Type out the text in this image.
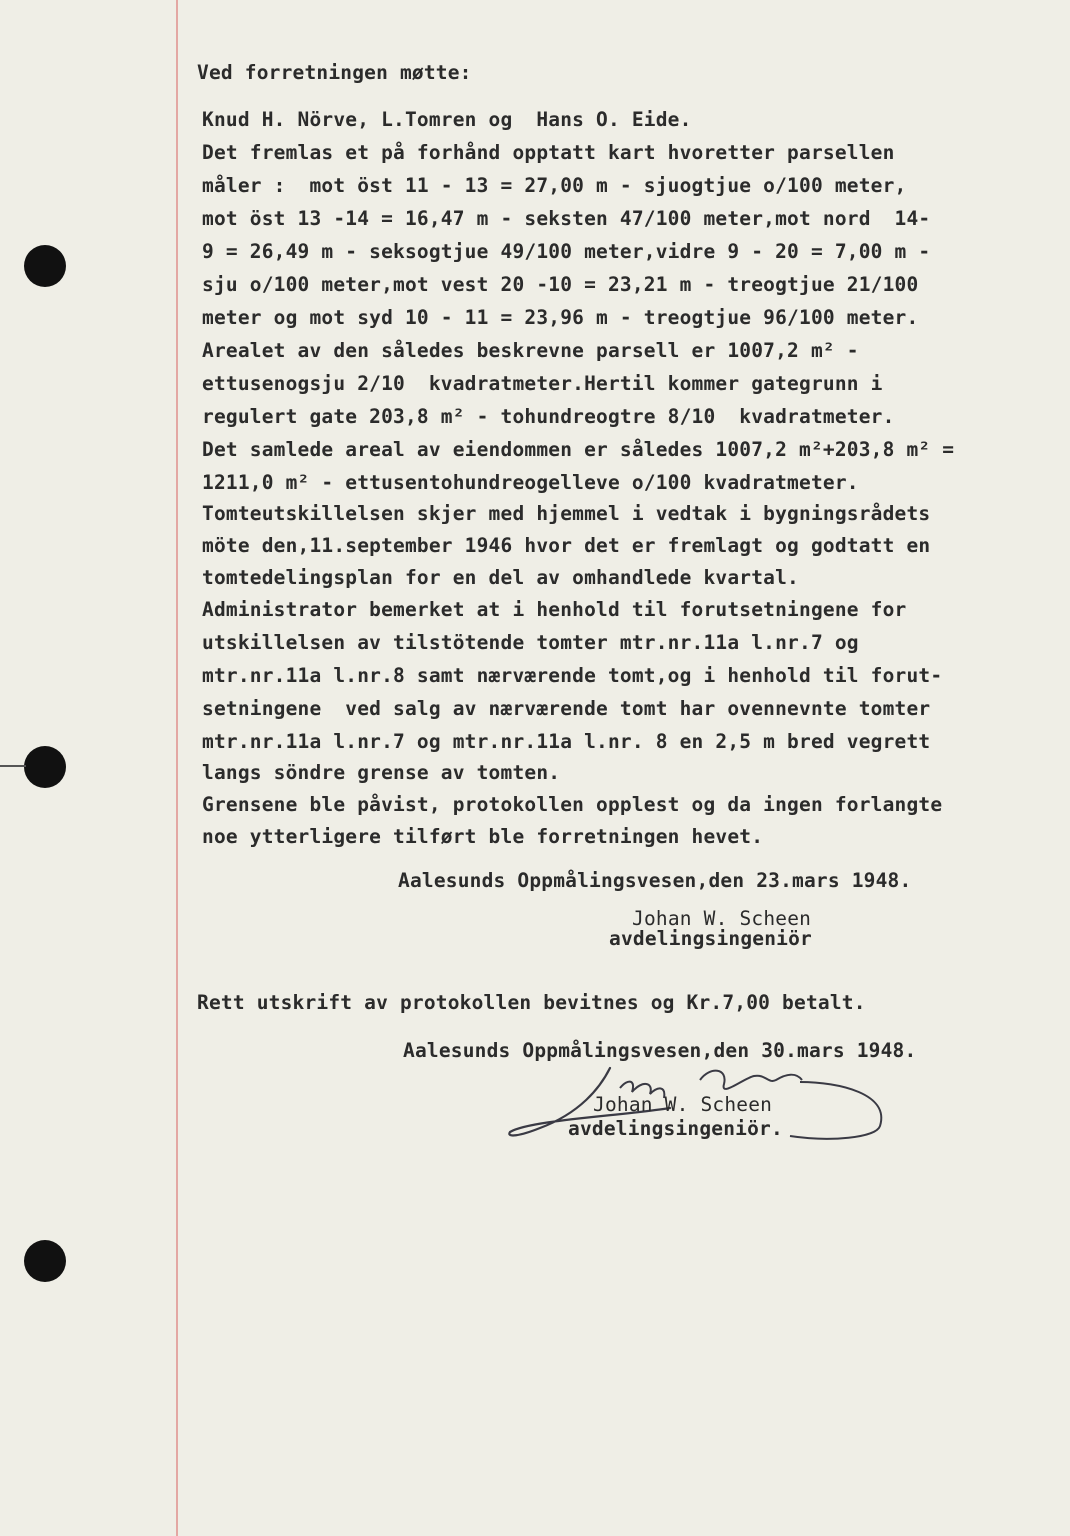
Ved forretningen møtte:
Knud H. Nörve, L.Tomren og  Hans O. Eide.
Det fremlas et på forhånd opptatt kart hvoretter parsellen
måler :  mot öst 11 - 13 = 27,00 m - sjuogtjue o/100 meter,
mot öst 13 -14 = 16,47 m - seksten 47/100 meter,mot nord  14-
9 = 26,49 m - seksogtjue 49/100 meter,vidre 9 - 20 = 7,00 m -
sju o/100 meter,mot vest 20 -10 = 23,21 m - treogtjue 21/100
meter og mot syd 10 - 11 = 23,96 m - treogtjue 96/100 meter.
Arealet av den således beskrevne parsell er 1007,2 m² -
ettusenogsju 2/10  kvadratmeter.Hertil kommer gategrunn i
regulert gate 203,8 m² - tohundreogtre 8/10  kvadratmeter.
Det samlede areal av eiendommen er således 1007,2 m²+203,8 m² =
1211,0 m² - ettusentohundreogelleve o/100 kvadratmeter.
Tomteutskillelsen skjer med hjemmel i vedtak i bygningsrådets
möte den,11.september 1946 hvor det er fremlagt og godtatt en
tomtedelingsplan for en del av omhandlede kvartal.
Administrator bemerket at i henhold til forutsetningene for
utskillelsen av tilstötende tomter mtr.nr.11a l.nr.7 og
mtr.nr.11a l.nr.8 samt nærværende tomt,og i henhold til forut-
setningene  ved salg av nærværende tomt har ovennevnte tomter
mtr.nr.11a l.nr.7 og mtr.nr.11a l.nr. 8 en 2,5 m bred vegrett
langs söndre grense av tomten.
Grensene ble påvist, protokollen opplest og da ingen forlangte
noe ytterligere tilført ble forretningen hevet.
Aalesunds Oppmålingsvesen,den 23.mars 1948.
Johan W. Scheen
avdelingsingeniör
Rett utskrift av protokollen bevitnes og Kr.7,00 betalt.
Aalesunds Oppmålingsvesen,den 30.mars 1948.
Johan W. Scheen
avdelingsingeniör.
